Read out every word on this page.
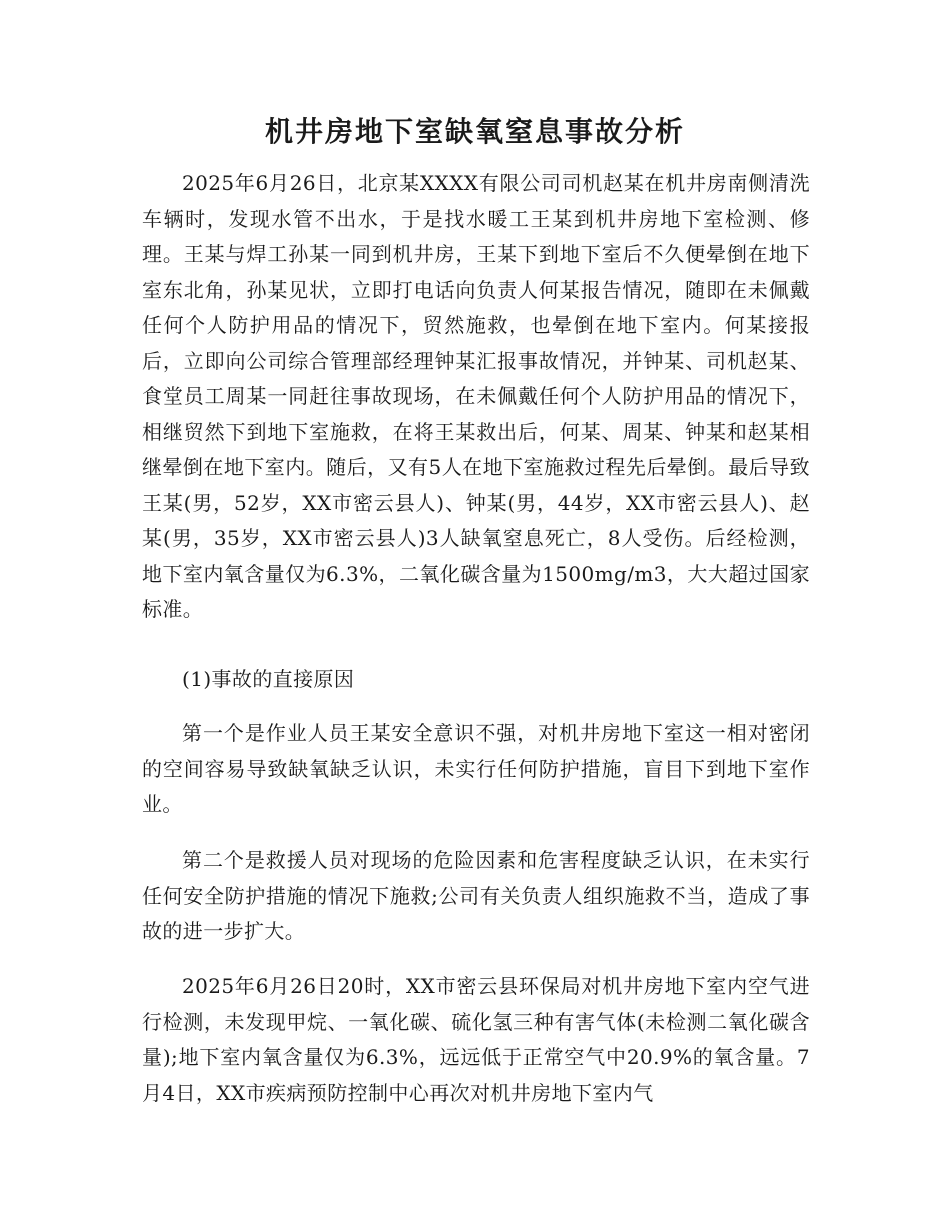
机井房地下室缺氧窒息事故分析

2025年6月26日，北京某XXXX有限公司司机赵某在机井房南侧清洗车辆时，发现水管不出水，于是找水暖工王某到机井房地下室检测、修理。王某与焊工孙某一同到机井房，王某下到地下室后不久便晕倒在地下室东北角，孙某见状，立即打电话向负责人何某报告情况，随即在未佩戴任何个人防护用品的情况下，贸然施救，也晕倒在地下室内。何某接报后，立即向公司综合管理部经理钟某汇报事故情况，并钟某、司机赵某、食堂员工周某一同赶往事故现场，在未佩戴任何个人防护用品的情况下，相继贸然下到地下室施救，在将王某救出后，何某、周某、钟某和赵某相继晕倒在地下室内。随后，又有5人在地下室施救过程先后晕倒。最后导致王某(男，52岁，XX市密云县人)、钟某(男，44岁，XX市密云县人)、赵某(男，35岁，XX市密云县人)3人缺氧窒息死亡，8人受伤。后经检测，地下室内氧含量仅为6.3%，二氧化碳含量为1500mg/m3，大大超过国家标准。

(1)事故的直接原因

第一个是作业人员王某安全意识不强，对机井房地下室这一相对密闭的空间容易导致缺氧缺乏认识，未实行任何防护措施，盲目下到地下室作业。

第二个是救援人员对现场的危险因素和危害程度缺乏认识，在未实行任何安全防护措施的情况下施救;公司有关负责人组织施救不当，造成了事故的进一步扩大。

2025年6月26日20时，XX市密云县环保局对机井房地下室内空气进行检测，未发现甲烷、一氧化碳、硫化氢三种有害气体(未检测二氧化碳含量);地下室内氧含量仅为6.3%，远远低于正常空气中20.9%的氧含量。7月4日，XX市疾病预防控制中心再次对机井房地下室内气
